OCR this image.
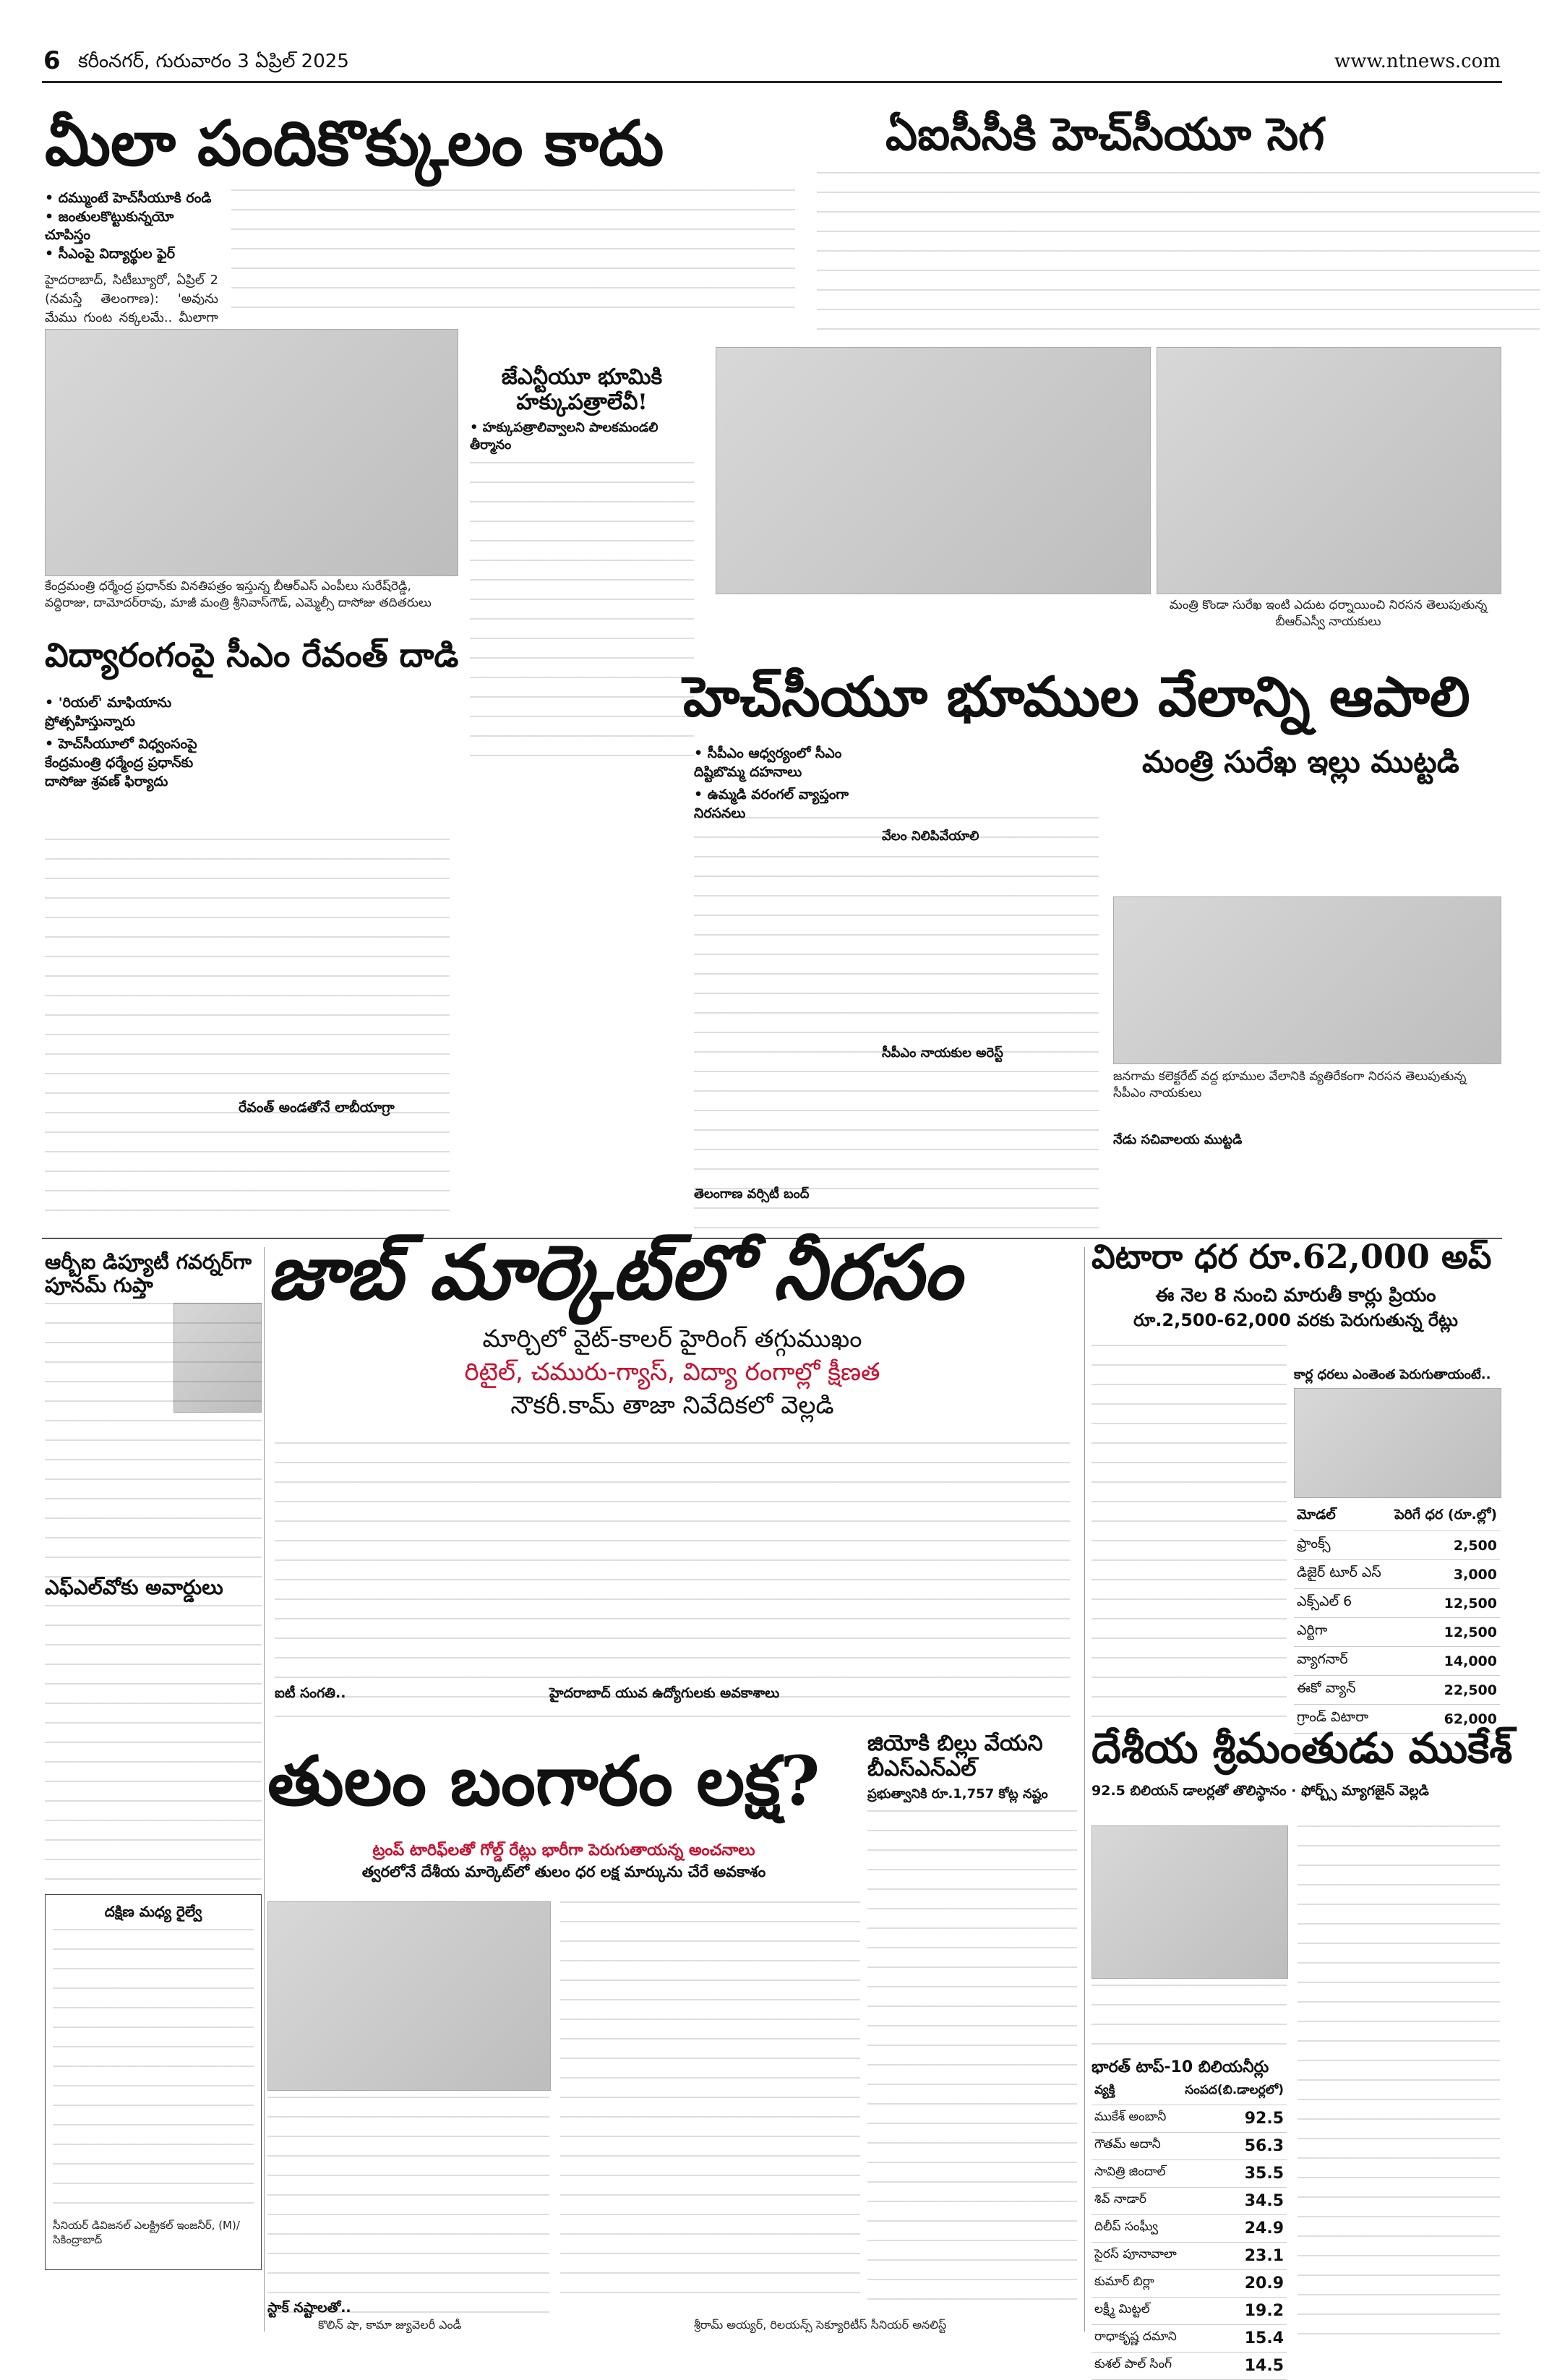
6 కరీంనగర్, గురువారం 3 ఏప్రిల్ 2025	www.ntnews.com
మీలా పందికొక్కులం కాదు
• దమ్ముంటే హెచ్‌సీయూకి రండి
• జంతులకొట్టుకున్నయో చూపిస్తం
• సీఎంపై విద్యార్థుల ఫైర్
హైదరాబాద్, సిటీబ్యూరో, ఏప్రిల్ 2 (నమస్తే తెలంగాణ): 'అవును మేము గుంట నక్కలమే.. మీలాగా
కేంద్రమంత్రి ధర్మేంద్ర ప్రధాన్‌కు వినతిపత్రం ఇస్తున్న బీఆర్ఎస్ ఎంపీలు సురేష్‌రెడ్డి, వద్దిరాజు, దామోదర్‌రావు, మాజీ మంత్రి శ్రీనివాస్‌గౌడ్, ఎమ్మెల్సీ దాసోజు తదితరులు
జేఎన్టీయూ భూమికి హక్కుపత్రాలేవీ!
• హక్కుపత్రాలివ్వాలని పాలకమండలి తీర్మానం
ఏఐసీసీకి హెచ్‌సీయూ సెగ
మంత్రి కొండా సురేఖ ఇంటి ఎదుట ధర్నాయించి నిరసన తెలుపుతున్న బీఆర్‌ఎస్వీ నాయకులు
విద్యారంగంపై సీఎం రేవంత్ దాడి
• 'రియల్' మాఫియాను ప్రోత్సహిస్తున్నారు
• హెచ్‌సీయూలో విధ్వంసంపై కేంద్రమంత్రి ధర్మేంద్ర ప్రధాన్‌కు దాసోజు శ్రవణ్ ఫిర్యాదు
రేవంత్ అండతోనే లాబీయాగ్రా
హెచ్‌సీయూ భూముల వేలాన్ని ఆపాలి
మంత్రి సురేఖ ఇల్లు ముట్టడి
• సీపీఎం ఆధ్వర్యంలో సీఎం దిష్టిబొమ్మ దహనాలు
• ఉమ్మడి వరంగల్ వ్యాప్తంగా నిరసనలు
వేలం నిలిపివేయాలి
సీపీఎం నాయకుల అరెస్ట్
తెలంగాణ వర్సిటీ బంద్
నేడు సచివాలయ ముట్టడి
జనగామ కలెక్టరేట్ వద్ద భూముల వేలానికి వ్యతిరేకంగా నిరసన తెలుపుతున్న సీపీఎం నాయకులు
ఆర్బీఐ డిప్యూటీ గవర్నర్‌గా పూనమ్ గుప్తా
ఎఫ్ఎల్‌వోకు అవార్డులు
దక్షిణ మధ్య రైల్వే
సీనియర్ డివిజనల్ ఎలక్ట్రికల్ ఇంజనీర్, (M)/సికింద్రాబాద్
జాబ్ మార్కెట్‌లో నీరసం
మార్చిలో వైట్-కాలర్ హైరింగ్ తగ్గుముఖం
రిటైల్, చమురు-గ్యాస్, విద్యా రంగాల్లో క్షీణత
నౌకరీ.కామ్ తాజా నివేదికలో వెల్లడి
ఐటీ సంగతి..	హైదరాబాద్ యువ ఉద్యోగులకు అవకాశాలు
విటారా ధర రూ.62,000 అప్
ఈ నెల 8 నుంచి మారుతీ కార్లు ప్రియం
రూ.2,500-62,000 వరకు పెరుగుతున్న రేట్లు
కార్ల ధరలు ఎంతెంత పెరుగుతాయంటే..
మోడల్	పెరిగే ధర (రూ.ల్లో)
ఫ్రాంక్స్	2,500
డిజైర్ టూర్ ఎస్	3,000
ఎక్స్‌ఎల్ 6	12,500
ఎర్టిగా	12,500
వ్యాగనార్	14,000
ఈకో వ్యాన్	22,500
గ్రాండ్ విటారా	62,000
దేశీయ శ్రీమంతుడు ముకేశ్
92.5 బిలియన్ డాలర్లతో తొలిస్థానం · ఫోర్బ్స్ మ్యాగజైన్ వెల్లడి
భారత్ టాప్-10 బిలియనీర్లు
వ్యక్తి	సంపద(బి.డాలర్లలో)
ముకేశ్ అంబానీ	92.5
గౌతమ్ అదానీ	56.3
సావిత్రి జిందాల్	35.5
శివ్ నాడార్	34.5
దిలీప్ సంఘ్వీ	24.9
సైరస్ పూనావాలా	23.1
కుమార్ బిర్లా	20.9
లక్ష్మీ మిట్టల్	19.2
రాధాకృష్ణ దమాని	15.4
కుశల్ పాల్ సింగ్	14.5
తులం బంగారం లక్ష?
ట్రంప్ టారిఫ్‌లతో గోల్డ్ రేట్లు భారీగా పెరుగుతాయన్న అంచనాలు
త్వరలోనే దేశీయ మార్కెట్‌లో తులం ధర లక్ష మార్కును చేరే అవకాశం
స్టాక్ నష్టాలతో..
కొలిన్ షా, కామా జ్యువెలరీ ఎండీ	శ్రీరామ్ అయ్యర్, రిలయన్స్ సెక్యూరిటీస్ సీనియర్ అనలిస్ట్
జియోకి బిల్లు వేయని బీఎస్ఎన్ఎల్
ప్రభుత్వానికి రూ.1,757 కోట్ల నష్టం
